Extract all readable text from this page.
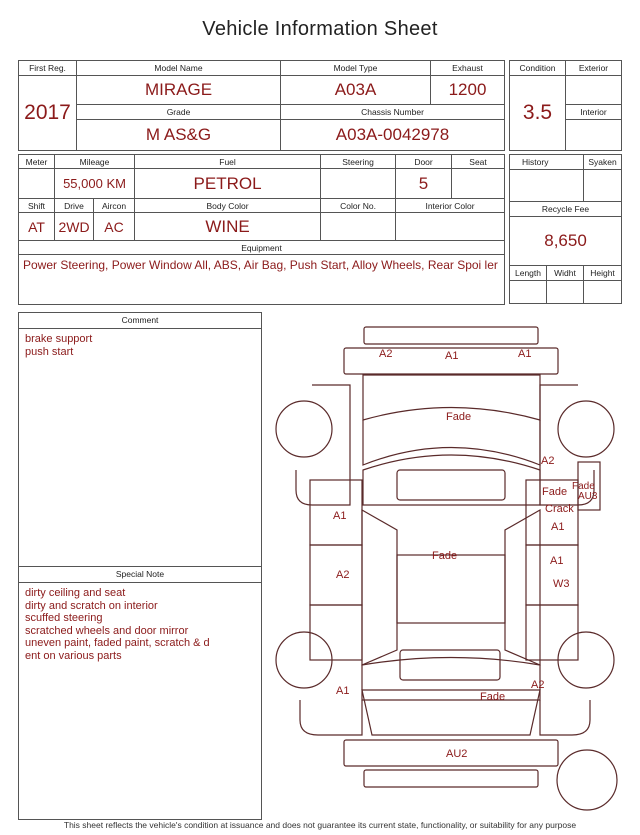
Vehicle Information Sheet
First Reg.	Model Name	Model Type	Exhaust
2017	MIRAGE	A03A	1200
	Grade	Chassis Number	
	M AS&G	A03A-0042978	
Condition	Exterior
3.5	
	Interior

Meter	Mileage		Fuel	Steering	Door	Seat
	55,000 KM		PETROL		5	
Shift	Drive	Aircon	Body Color	Color No.	Interior Color	
AT	2WD	AC	WINE			
Equipment						
Power Steering, Power Window All, ABS, Air Bag, Push Start, Alloy Wheels, Rear Spoi ler						
History		Syaken

Recycle Fee		
8,650		
Length	Widht	Height

Comment
brake support
push start
Special Note
dirty ceiling and seat
dirty and scratch on interior
scuffed steering
scratched wheels and door mirror
uneven paint, faded paint, scratch & d
ent on various parts
A2	A1	A1
Fade
A2
Fade Fade
AU3
Crack
A1
A1
W3
Fade
A1
A2
A1	A2
Fade
AU2
This sheet reflects the vehicle's condition at issuance and does not guarantee its current state, functionality, or suitability for any purpose
